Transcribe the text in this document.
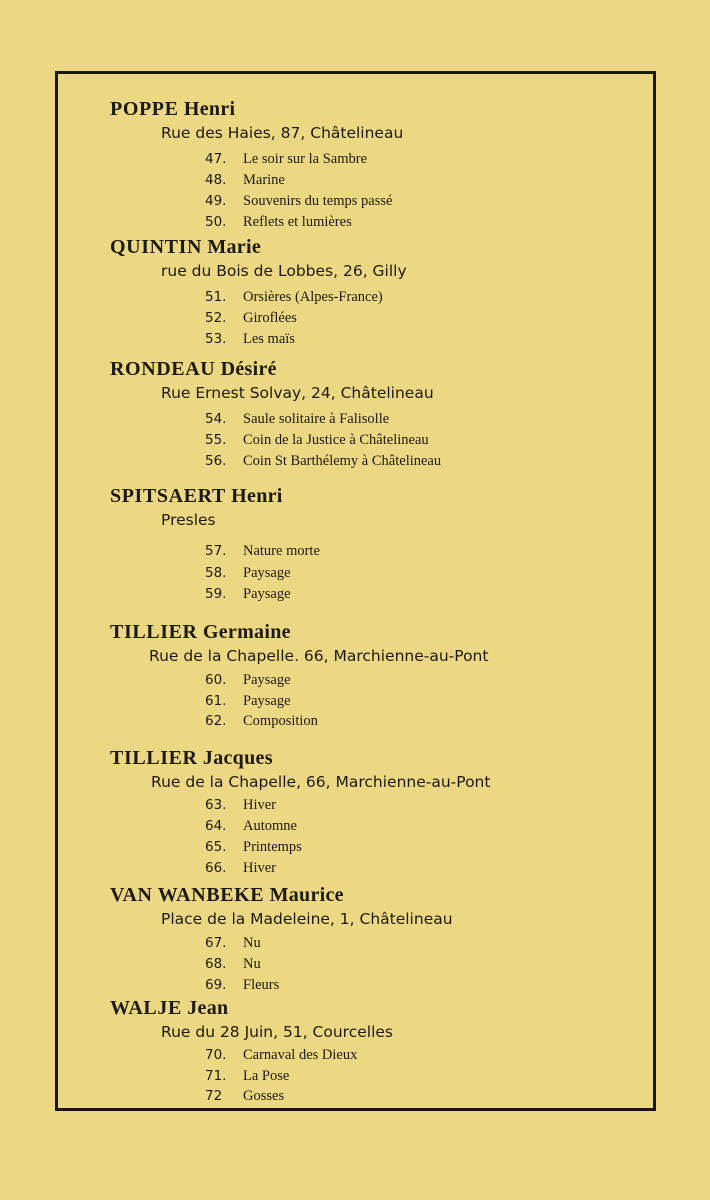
POPPE Henri
Rue des Haies, 87, Châtelineau
47. Le soir sur la Sambre
48. Marine
49. Souvenirs du temps passé
50. Reflets et lumières
QUINTIN Marie
rue du Bois de Lobbes, 26, Gilly
51. Orsières (Alpes-France)
52. Giroflées
53. Les maïs
RONDEAU Désiré
Rue Ernest Solvay, 24, Châtelineau
54. Saule solitaire à Falisolle
55. Coin de la Justice à Châtelineau
56. Coin St Barthélemy à Châtelineau
SPITSAERT Henri
Presles
57. Nature morte
58. Paysage
59. Paysage
TILLIER Germaine
Rue de la Chapelle. 66, Marchienne-au-Pont
60. Paysage
61. Paysage
62. Composition
TILLIER Jacques
Rue de la Chapelle, 66, Marchienne-au-Pont
63. Hiver
64. Automne
65. Printemps
66. Hiver
VAN WANBEKE Maurice
Place de la Madeleine, 1, Châtelineau
67. Nu
68. Nu
69. Fleurs
WALJE Jean
Rue du 28 Juin, 51, Courcelles
70. Carnaval des Dieux
71. La Pose
72 Gosses
